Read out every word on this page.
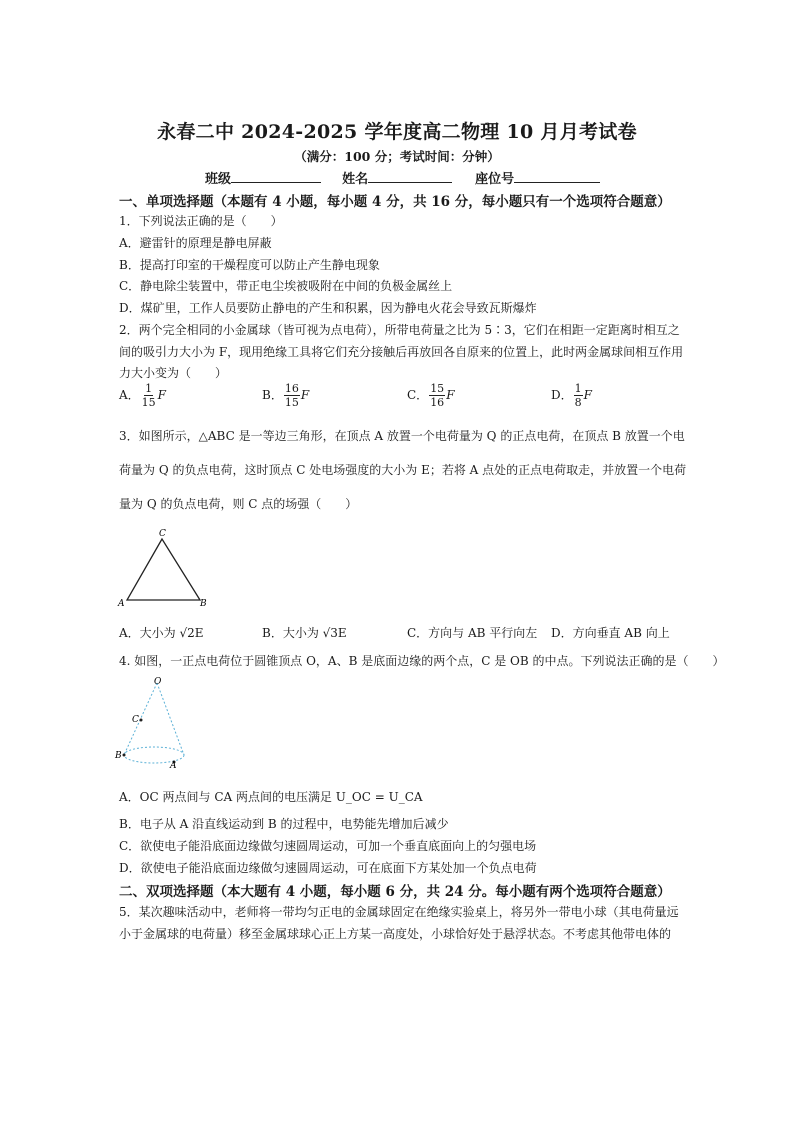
永春二中 2024-2025 学年度高二物理 10 月月考试卷
（满分：100 分；考试时间：分钟）
班级	姓名	座位号
一、单项选择题（本题有 4 小题，每小题 4 分，共 16 分，每小题只有一个选项符合题意）
1．下列说法正确的是（　　）
A．避雷针的原理是静电屏蔽
B．提高打印室的干燥程度可以防止产生静电现象
C．静电除尘装置中，带正电尘埃被吸附在中间的负极金属丝上
D．煤矿里，工作人员要防止静电的产生和积累，因为静电火花会导致瓦斯爆炸
2．两个完全相同的小金属球（皆可视为点电荷），所带电荷量之比为 5∶3，它们在相距一定距离时相互之
间的吸引力大小为 F，现用绝缘工具将它们充分接触后再放回各自原来的位置上，此时两金属球间相互作用
力大小变为（　　）
A． $\frac{1}{15}$ F	B． $\frac{16}{15}$ F	C． $\frac{15}{16}$ F	D． $\frac{1}{8}$ F
3．如图所示，△ABC 是一等边三角形，在顶点 A 放置一个电荷量为 Q 的正点电荷，在顶点 B 放置一个电
荷量为 Q 的负点电荷，这时顶点 C 处电场强度的大小为 E；若将 A 点处的正点电荷取走，并放置一个电荷
量为 Q 的负点电荷，则 C 点的场强（　　）
C
A	B
A．大小为 √2E	B．大小为 √3E	C．方向与 AB 平行向左 D．方向垂直 AB 向上
4. 如图，一正点电荷位于圆锥顶点 O，A、B 是底面边缘的两个点，C 是 OB 的中点。下列说法正确的是（　　）
O
C
B
A
A．OC 两点间与 CA 两点间的电压满足 U_OC = U_CA
B．电子从 A 沿直线运动到 B 的过程中，电势能先增加后减少
C．欲使电子能沿底面边缘做匀速圆周运动，可加一个垂直底面向上的匀强电场
D．欲使电子能沿底面边缘做匀速圆周运动，可在底面下方某处加一个负点电荷
二、双项选择题（本大题有 4 小题，每小题 6 分，共 24 分。每小题有两个选项符合题意）
5．某次趣味活动中，老师将一带均匀正电的金属球固定在绝缘实验桌上，将另外一带电小球（其电荷量远
小于金属球的电荷量）移至金属球球心正上方某一高度处，小球恰好处于悬浮状态。不考虑其他带电体的
